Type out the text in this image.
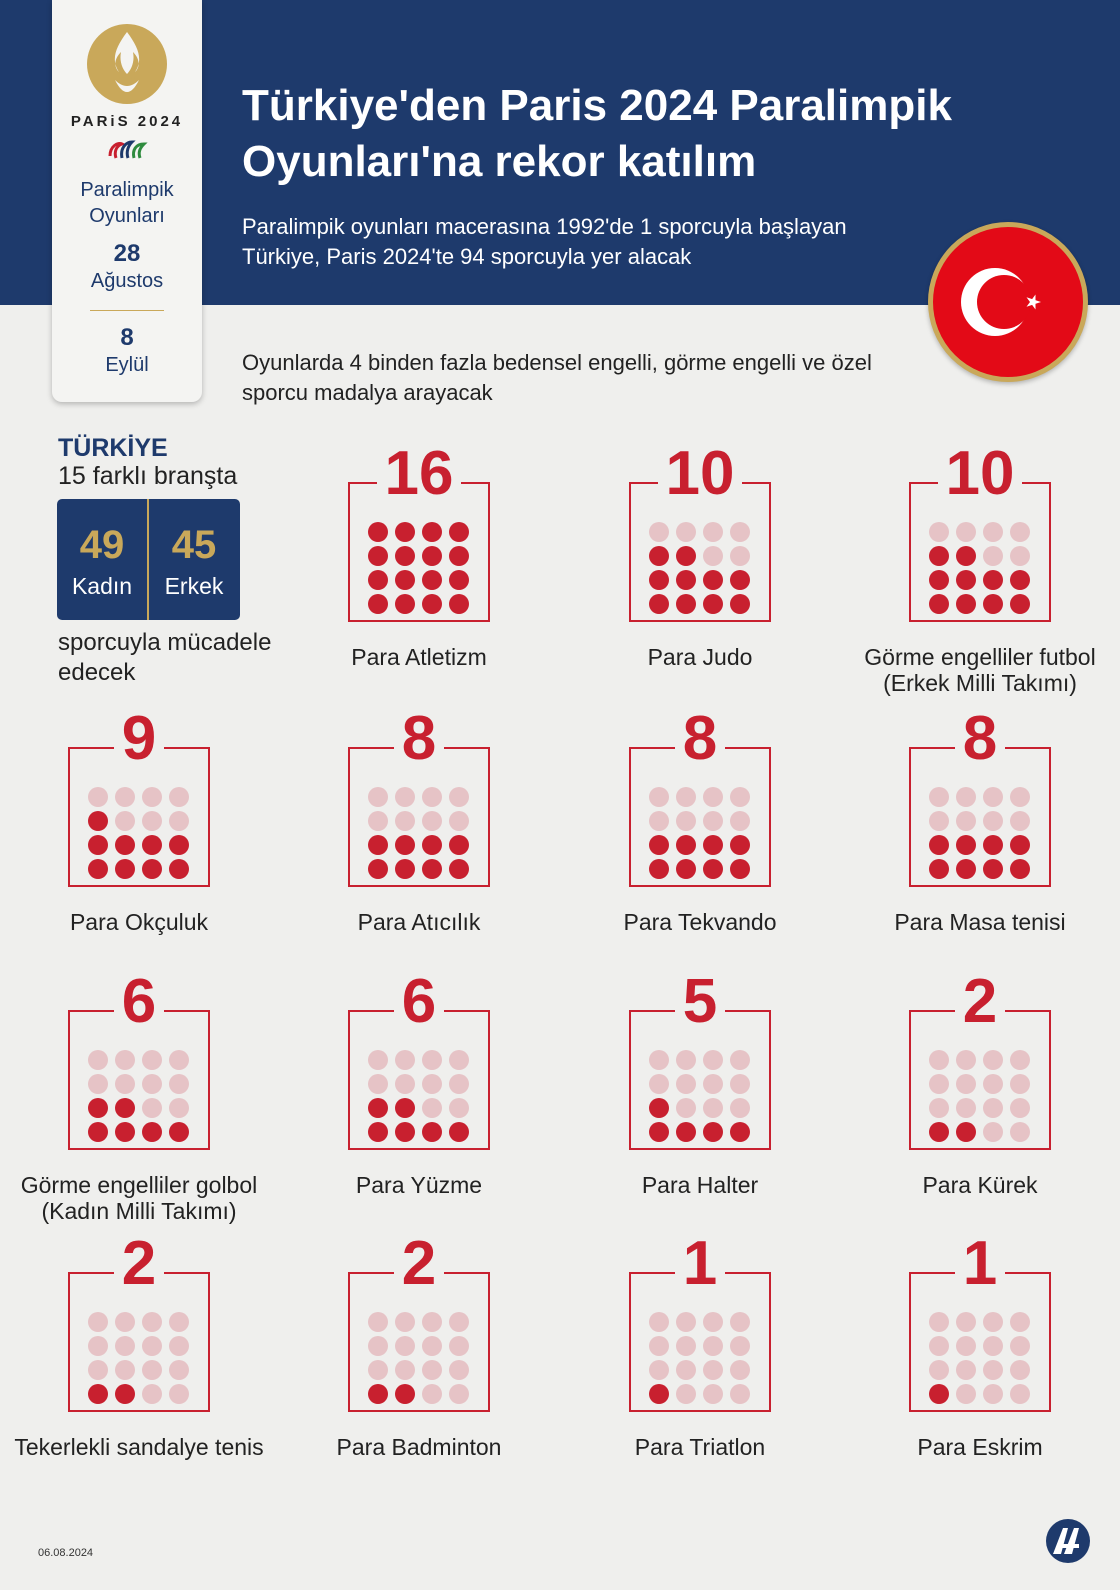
PARiS 2024
Paralimpik
Oyunları
28
Ağustos
8
Eylül
Türkiye'den Paris 2024 Paralimpik Oyunları'na rekor katılım
Paralimpik oyunları macerasına 1992'de 1 sporcuyla başlayan Türkiye, Paris 2024'te 94 sporcuyla yer alacak
Oyunlarda 4 binden fazla bedensel engelli, görme engelli ve özel sporcu madalya arayacak
TÜRKİYE
15 farklı branşta
49
Kadın
45
Erkek
sporcuyla mücadele edecek
16
Para Atletizm
10
Para Judo
10
Görme engelliler futbol (Erkek Milli Takımı)
9
Para Okçuluk
8
Para Atıcılık
8
Para Tekvando
8
Para Masa tenisi
6
Görme engelliler golbol (Kadın Milli Takımı)
6
Para Yüzme
5
Para Halter
2
Para Kürek
2
Tekerlekli sandalye tenis
2
Para Badminton
1
Para Triatlon
1
Para Eskrim
06.08.2024
